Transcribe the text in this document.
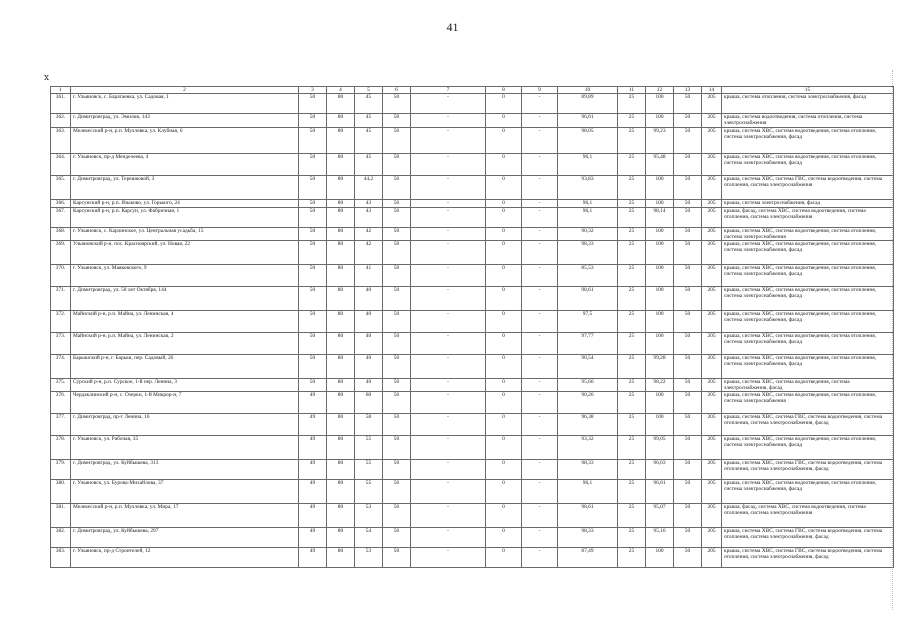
41
ⅹ
1	2	3	4	5	6	7	8	9	10	11	12	13	14	15
361.	г. Ульяновск, с. Баратаевка, ул. Садовая, 1	50	80	45	50	-	0	-	89,89	25	100	50	205	крыша, система отопления, система электроснабжения, фасад
362.	г. Димитровград, ул. Эмилия, 143	50	80	45	50	-	0	-	96,01	25	100	50	205	крыша, система водоотведения, система отопления, система электроснабжения
363.	Мелекесский р-н, р.п. Мулловка, ул. Клубная, 6	50	80	45	50	-	0	-	98,05	25	99,23	50	205	крыша, система ХВС, система водоотведения, система отопления, система электроснабжения, фасад
364.	г. Ульяновск, пр-д Менделеева, 4	50	80	45	50	-	0	-	96,1	25	95,48	50	205	крыша, система ХВС, система водоотведения, система отопления, система электроснабжения, фасад
365.	г. Димитровград, ул. Терешковой, 3	50	80	44,2	50	-	0	-	93,83	25	100	50	205	крыша, система ХВС, система ГВС, система водоотведения, система отопления, система электроснабжения
366.	Карсунский р-н, р.п. Языково, ул. Горького, 24	50	80	43	50	-	0	-	96,1	25	100	50	205	крыша, система электроснабжения, фасад
367.	Карсунский р-н, р.п. Карсун, ул. Фабричная, 1	50	80	43	50	-	0	-	96,1	25	98,14	50	205	крыша, фасад, система ХВС, система водоотведения, система отопления, система электроснабжения
368.	г. Ульяновск, с. Карлинское, ул. Центральная усадьба, 15	50	80	42	50	-	0	-	90,32	25	100	50	205	крыша, система ХВС, система водоотведения, система отопления, система электроснабжения
369.	Ульяновский р-н, пос. Красноярский, ул. Новая, 22	50	80	42	50	-	0	-	98,33	25	100	50	205	крыша, система ХВС, система водоотведения, система отопления, система электроснабжения, фасад
370.	г. Ульяновск, ул. Маяковского, 9	50	80	41	50	-	0	-	85,53	25	100	50	205	крыша, система ХВС, система водоотведения, система отопления, система электроснабжения, фасад
371.	г. Димитровград, ул. 50 лет Октября, 144	50	80	40	50	-	0	-	98,61	25	100	50	205	крыша, система ХВС, система водоотведения, система отопления, система электроснабжения, фасад
372.	Майнский р-н, р.п. Майна, ул. Ленинская, 4	50	80	40	50	-	0	-	97,5	25	100	50	205	крыша, система ХВС, система водоотведения, система отопления, система электроснабжения, фасад
373.	Майнский р-н, р.п. Майна, ул. Ленинская, 2	50	80	40	50	-	0	-	97,77	25	100	50	205	крыша, система ХВС, система водоотведения, система отопления, система электроснабжения, фасад
374.	Барышский р-н, г. Барыш, пер. Садовый, 26	50	80	40	50	-	0	-	90,54	25	99,28	50	205	крыша, система ХВС, система водоотведения, система отопления, система электроснабжения, фасад
375.	Сурский р-н, р.п. Сурское, 1-й пер. Ленина, 3	50	80	40	50	-	0	-	95,66	25	98,22	50	205	крыша, система ХВС, система водоотведения, система электроснабжения, фасад
376.	Чердаклинский р-н, с. Озерки, 1-й Микрор-н, 7	49	80	60	50	-	0	-	90,26	25	100	50	205	крыша, система ХВС, система водоотведения, система отопления, система электроснабжения
377.	г. Димитровград, пр-т Ленина, 16	49	80	58	50	-	0	-	96,38	25	100	50	205	крыша, система ХВС, система ГВС, система водоотведения, система отопления, система электроснабжения, фасад
378.	г. Ульяновск, ул. Рабочая, 35	49	80	55	50	-	0	-	93,32	25	99,05	50	205	крыша, система ХВС, система водоотведения, система отопления, система электроснабжения, фасад
379.	г. Димитровград, ул. Куйбышева, 313	49	80	55	50	-	0	-	98,33	25	96,03	50	205	крыша, система ХВС, система ГВС, система водоотведения, система отопления, система электроснабжения, фасад
380.	г. Ульяновск, ул. Бурова-Михайлова, 37	49	80	55	50	-	0	-	96,1	25	96,01	50	205	крыша, система ХВС, система водоотведения, система отопления, система электроснабжения, фасад
381.	Мелекесский р-н, р.п. Мулловка, ул. Мира, 17	49	80	53	50	-	0	-	98,61	25	95,07	50	205	крыша, фасад, система ХВС, система водоотведения, система отопления, система электроснабжения
382.	г. Димитровград, ул. Куйбышева, 297	49	80	54	50	-	0	-	98,33	25	95,16	50	205	крыша, система ХВС, система ГВС, система водоотведения, система отопления, система электроснабжения, фасад
383.	г. Ульяновск, пр-д Строителей, 12	49	80	53	50	-	0	-	87,49	25	100	50	205	крыша, система ХВС, система ГВС, система водоотведения, система отопления, система электроснабжения, фасад
